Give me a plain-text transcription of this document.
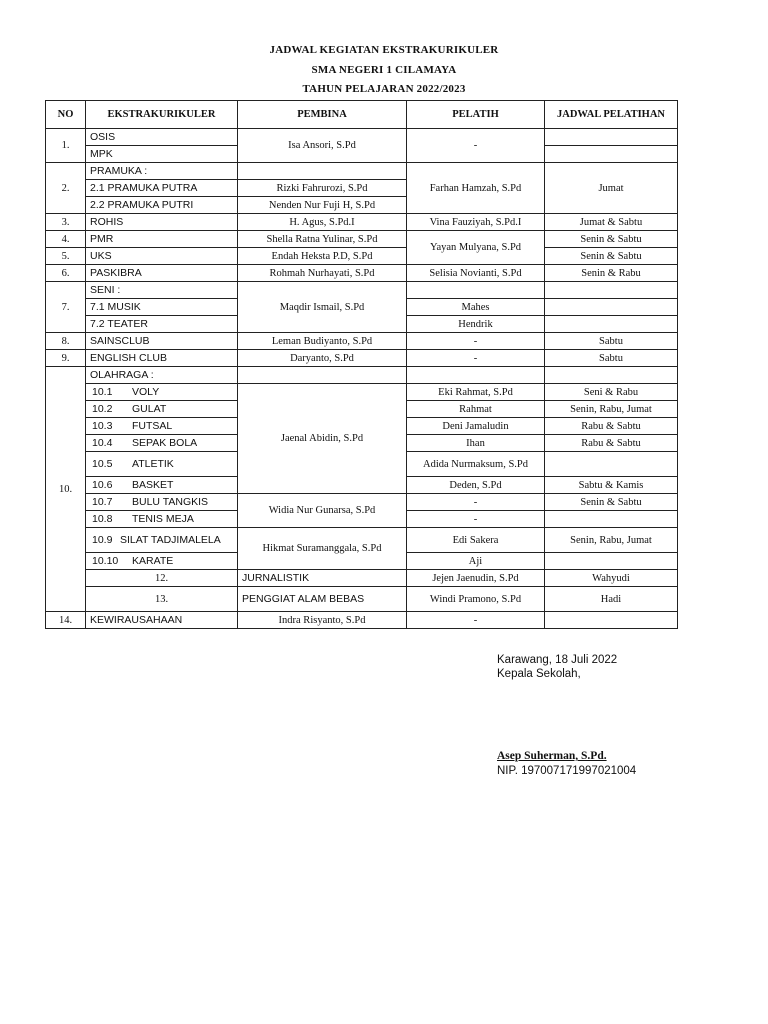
JADWAL KEGIATAN EKSTRAKURIKULER
SMA NEGERI 1 CILAMAYA
TAHUN PELAJARAN 2022/2023
NO	EKSTRAKURIKULER	PEMBINA	PELATIH	JADWAL PELATIHAN	
1.	OSIS	Isa Ansori, S.Pd	-		
	MPK				
2.	PRAMUKA :		Farhan Hamzah, S.Pd	Jumat	
	2.1 PRAMUKA PUTRA	Rizki Fahrurozi, S.Pd			
	2.2 PRAMUKA PUTRI	Nenden Nur Fuji H, S.Pd			
3.	ROHIS	H. Agus, S.Pd.I	Vina Fauziyah, S.Pd.I	Jumat & Sabtu	
4.	PMR	Shella Ratna Yulinar, S.Pd	Yayan Mulyana, S.Pd	Senin & Sabtu	
5.	UKS	Endah Heksta P.D, S.Pd		Senin & Sabtu	
6.	PASKIBRA	Rohmah Nurhayati, S.Pd	Selisia Novianti, S.Pd	Senin & Rabu	
7.	SENI :	Maqdir Ismail, S.Pd			
	7.1 MUSIK		Mahes		
	7.2 TEATER		Hendrik		
8.	SAINSCLUB	Leman Budiyanto, S.Pd	-	Sabtu	
9.	ENGLISH CLUB	Daryanto, S.Pd	-	Sabtu	
10.	OLAHRAGA :				
	10.1 VOLY	Jaenal Abidin, S.Pd	Eki Rahmat, S.Pd	Seni & Rabu	
	10.2 GULAT		Rahmat	Senin, Rabu, Jumat	
	10.3 FUTSAL		Deni Jamaludin	Rabu & Sabtu	
	10.4 SEPAK BOLA		Ihan	Rabu & Sabtu	
	10.5 ATLETIK		Adida Nurmaksum, S.Pd		
	10.6 BASKET		Deden, S.Pd	Sabtu & Kamis	
	10.7 BULU TANGKIS	Widia Nur Gunarsa, S.Pd	-	Senin & Sabtu	
	10.8 TENIS MEJA		-		
	10.9 SILAT TADJIMALELA	Hikmat Suramanggala, S.Pd	Edi Sakera	Senin, Rabu, Jumat	
	10.10 KARATE		Aji		
	12.	JURNALISTIK	Jejen Jaenudin, S.Pd	Wahyudi	
	13.	PENGGIAT ALAM BEBAS	Windi Pramono, S.Pd	Hadi	
14.	KEWIRAUSAHAAN	Indra Risyanto, S.Pd	-		
Karawang, 18 Juli 2022
Kepala Sekolah,
Asep Suherman, S.Pd.
NIP. 197007171997021004
